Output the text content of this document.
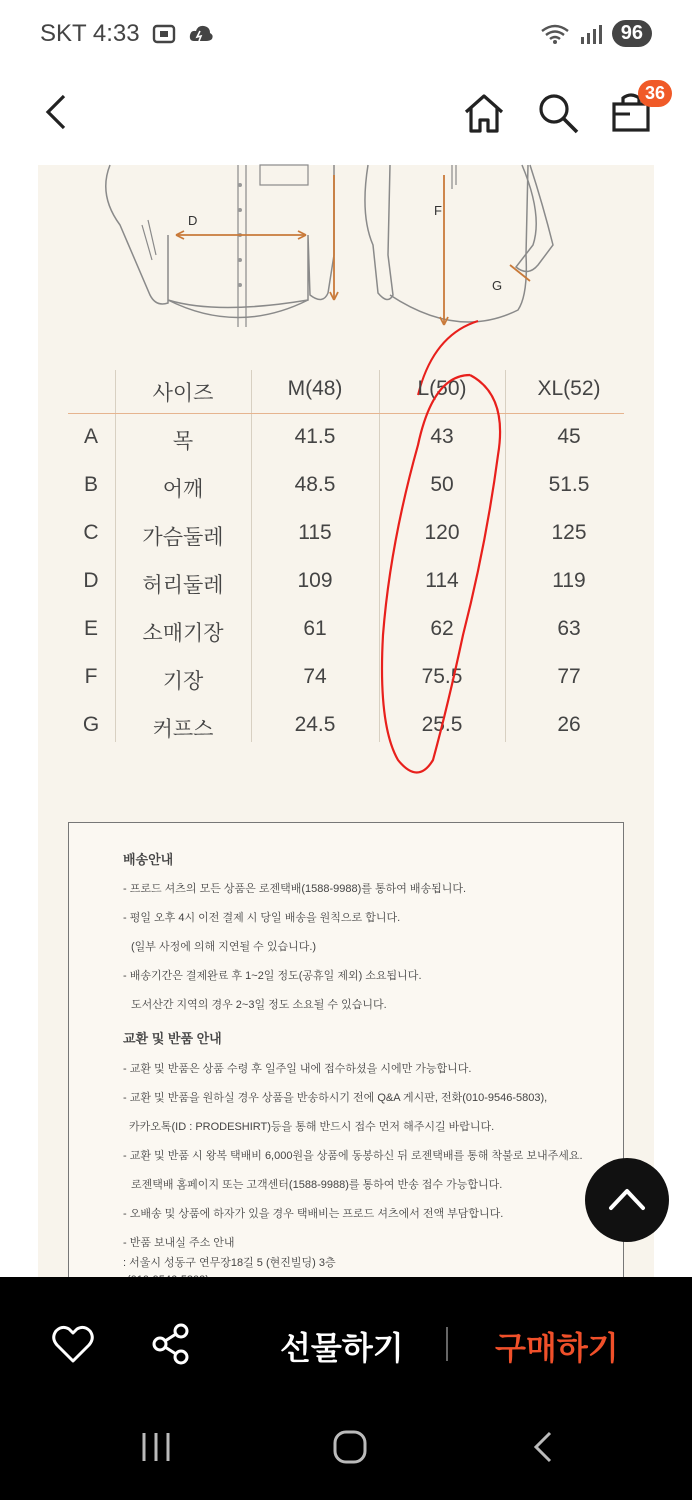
SKT 4:33	96
36
D
F
G
사이즈	M(48)	L(50)	XL(52)
A	목	41.5	43	45
B	어깨	48.5	50	51.5
C	가슴둘레	115	120	125
D	허리둘레	109	114	119
E	소매기장	61	62	63
F	기장	74	75.5	77
G	커프스	24.5	25.5	26
배송안내
- 프로드 셔츠의 모든 상품은 로젠택배(1588-9988)를 통하여 배송됩니다.
- 평일 오후 4시 이전 결제 시 당일 배송을 원칙으로 합니다.
(일부 사정에 의해 지연될 수 있습니다.)
- 배송기간은 결제완료 후 1~2일 정도(공휴일 제외) 소요됩니다.
도서산간 지역의 경우 2~3일 정도 소요될 수 있습니다.
교환 및 반품 안내
- 교환 및 반품은 상품 수령 후 일주일 내에 접수하셨을 시에만 가능합니다.
- 교환 및 반품을 원하실 경우 상품을 반송하시기 전에 Q&A 게시판, 전화(010-9546-5803),
카카오톡(ID : PRODESHIRT)등을 통해 반드시 접수 먼저 해주시길 바랍니다.
- 교환 및 반품 시 왕복 택배비 6,000원을 상품에 동봉하신 뒤 로젠택배를 통해 착불로 보내주세요.
로젠택배 홈페이지 또는 고객센터(1588-9988)를 통하여 반송 접수 가능합니다.
- 오배송 및 상품에 하자가 있을 경우 택배비는 프로드 셔츠에서 전액 부담합니다.
- 반품 보내실 주소 안내
: 서울시 성동구 연무장18길 5 (현진빌딩) 3층
선물하기	구매하기
